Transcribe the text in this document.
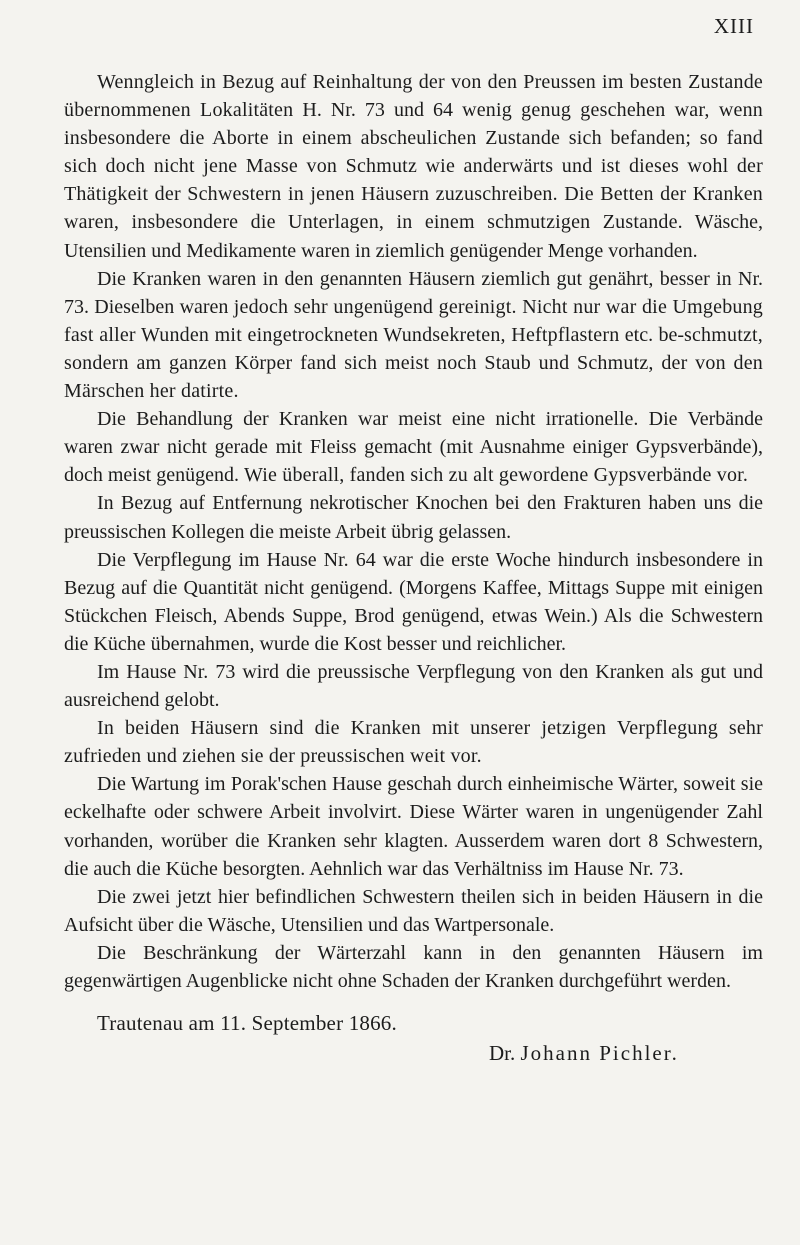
XIII

Wenngleich in Bezug auf Reinhaltung der von den Preussen im besten Zustande übernommenen Lokalitäten H. Nr. 73 und 64 wenig genug geschehen war, wenn insbesondere die Aborte in einem abscheulichen Zustande sich befanden; so fand sich doch nicht jene Masse von Schmutz wie anderwärts und ist dieses wohl der Thätigkeit der Schwestern in jenen Häusern zuzuschreiben. Die Betten der Kranken waren, insbesondere die Unterlagen, in einem schmutzigen Zustande. Wäsche, Utensilien und Medikamente waren in ziemlich genügender Menge vorhanden.

Die Kranken waren in den genannten Häusern ziemlich gut genährt, besser in Nr. 73. Dieselben waren jedoch sehr ungenügend gereinigt. Nicht nur war die Umgebung fast aller Wunden mit eingetrockneten Wundsekreten, Heftpflastern etc. be-schmutzt, sondern am ganzen Körper fand sich meist noch Staub und Schmutz, der von den Märschen her datirte.

Die Behandlung der Kranken war meist eine nicht irrationelle. Die Verbände waren zwar nicht gerade mit Fleiss gemacht (mit Ausnahme einiger Gypsverbände), doch meist genügend. Wie überall, fanden sich zu alt gewordene Gypsverbände vor.

In Bezug auf Entfernung nekrotischer Knochen bei den Frakturen haben uns die preussischen Kollegen die meiste Arbeit übrig gelassen.

Die Verpflegung im Hause Nr. 64 war die erste Woche hindurch insbesondere in Bezug auf die Quantität nicht genügend. (Morgens Kaffee, Mittags Suppe mit einigen Stückchen Fleisch, Abends Suppe, Brod genügend, etwas Wein.) Als die Schwestern die Küche übernahmen, wurde die Kost besser und reichlicher.

Im Hause Nr. 73 wird die preussische Verpflegung von den Kranken als gut und ausreichend gelobt.

In beiden Häusern sind die Kranken mit unserer jetzigen Verpflegung sehr zufrieden und ziehen sie der preussischen weit vor.

Die Wartung im Porak'schen Hause geschah durch einheimische Wärter, soweit sie eckelhafte oder schwere Arbeit involvirt. Diese Wärter waren in ungenügender Zahl vorhanden, worüber die Kranken sehr klagten. Ausserdem waren dort 8 Schwestern, die auch die Küche besorgten. Aehnlich war das Verhältniss im Hause Nr. 73.

Die zwei jetzt hier befindlichen Schwestern theilen sich in beiden Häusern in die Aufsicht über die Wäsche, Utensilien und das Wartpersonale.

Die Beschränkung der Wärterzahl kann in den genannten Häusern im gegenwärtigen Augenblicke nicht ohne Schaden der Kranken durchgeführt werden.

Trautenau am 11. September 1866.
Dr. Johann Pichler.
